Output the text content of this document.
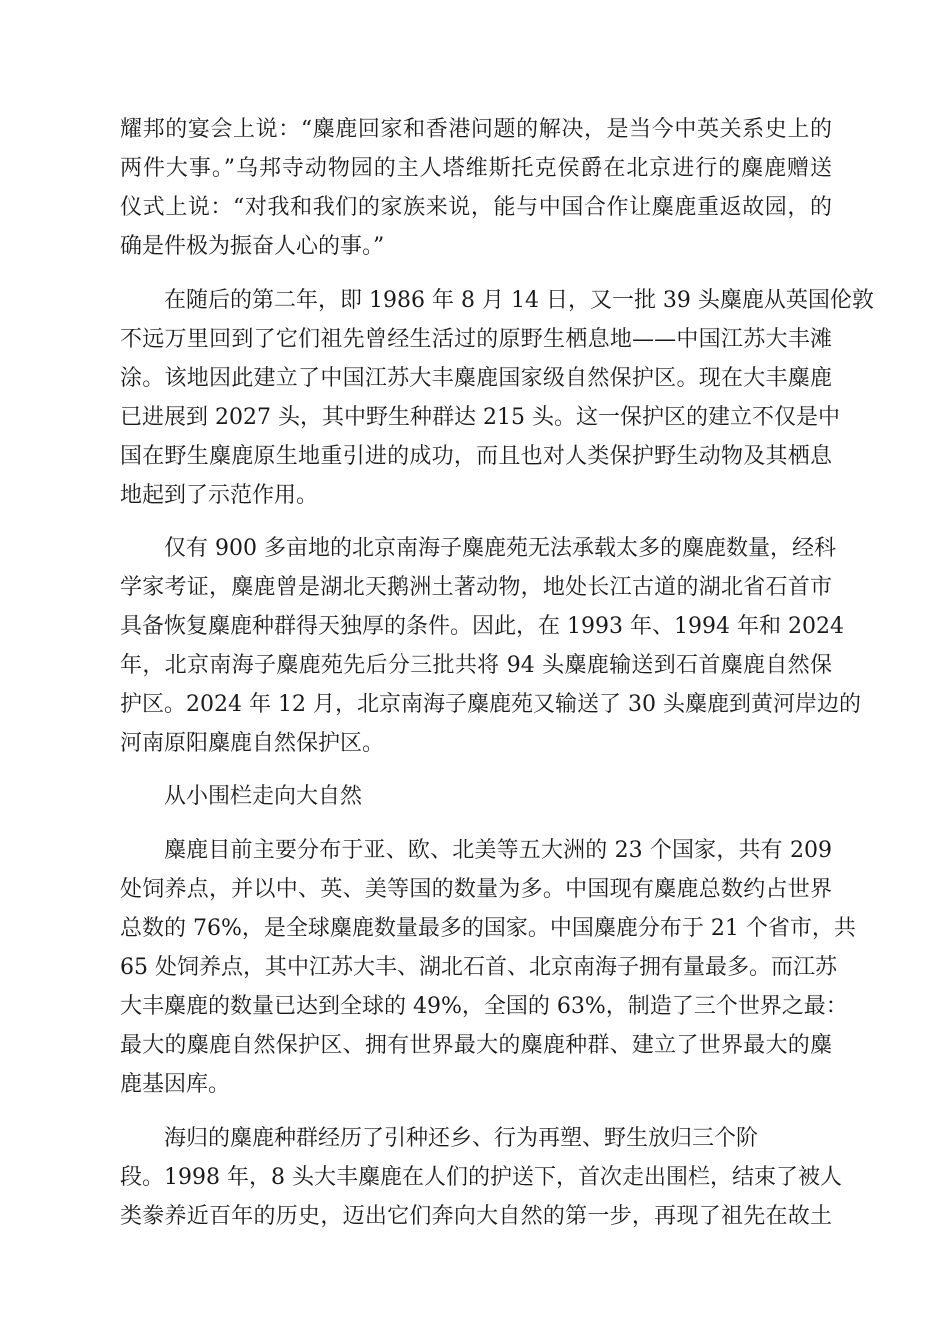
耀邦的宴会上说：“麋鹿回家和香港问题的解决，是当今中英关系史上的
两件大事。”乌邦寺动物园的主人塔维斯托克侯爵在北京进行的麋鹿赠送
仪式上说：“对我和我们的家族来说，能与中国合作让麋鹿重返故园，的
确是件极为振奋人心的事。”
在随后的第二年，即 1986 年 8 月 14 日，又一批 39 头麋鹿从英国伦敦
不远万里回到了它们祖先曾经生活过的原野生栖息地——中国江苏大丰滩
涂。该地因此建立了中国江苏大丰麋鹿国家级自然保护区。现在大丰麋鹿
已进展到 2027 头，其中野生种群达 215 头。这一保护区的建立不仅是中
国在野生麋鹿原生地重引进的成功，而且也对人类保护野生动物及其栖息
地起到了示范作用。
仅有 900 多亩地的北京南海子麋鹿苑无法承载太多的麋鹿数量，经科
学家考证，麋鹿曾是湖北天鹅洲土著动物，地处长江古道的湖北省石首市
具备恢复麋鹿种群得天独厚的条件。因此，在 1993 年、1994 年和 2024
年，北京南海子麋鹿苑先后分三批共将 94 头麋鹿输送到石首麋鹿自然保
护区。2024 年 12 月，北京南海子麋鹿苑又输送了 30 头麋鹿到黄河岸边的
河南原阳麋鹿自然保护区。
从小围栏走向大自然
麋鹿目前主要分布于亚、欧、北美等五大洲的 23 个国家，共有 209
处饲养点，并以中、英、美等国的数量为多。中国现有麋鹿总数约占世界
总数的 76%，是全球麋鹿数量最多的国家。中国麋鹿分布于 21 个省市，共
65 处饲养点，其中江苏大丰、湖北石首、北京南海子拥有量最多。而江苏
大丰麋鹿的数量已达到全球的 49%，全国的 63%，制造了三个世界之最：
最大的麋鹿自然保护区、拥有世界最大的麋鹿种群、建立了世界最大的麋
鹿基因库。
海归的麋鹿种群经历了引种还乡、行为再塑、野生放归三个阶
段。1998 年，8 头大丰麋鹿在人们的护送下，首次走出围栏，结束了被人
类豢养近百年的历史，迈出它们奔向大自然的第一步，再现了祖先在故土
